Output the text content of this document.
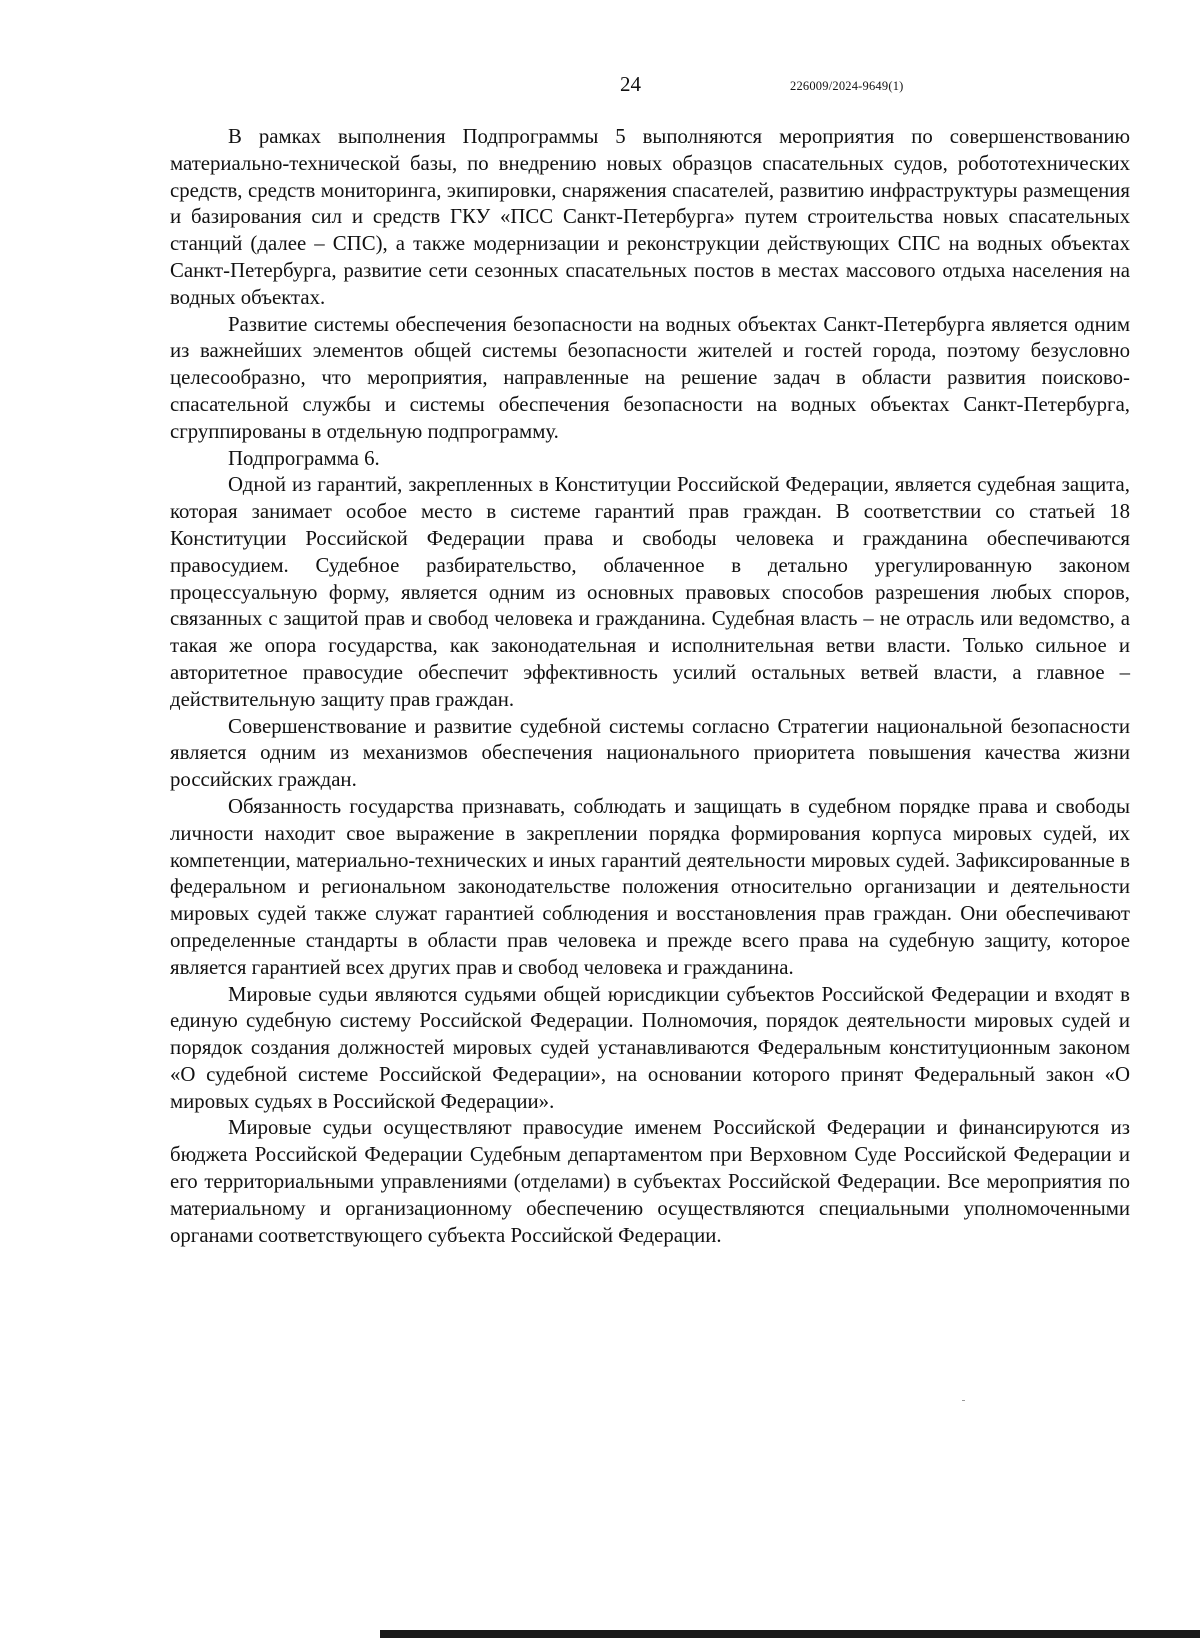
24	226009/2024-9649(1)

В рамках выполнения Подпрограммы 5 выполняются мероприятия по совершенствованию материально-технической базы, по внедрению новых образцов спасательных судов, робототехнических средств, средств мониторинга, экипировки, снаряжения спасателей, развитию инфраструктуры размещения и базирования сил и средств ГКУ «ПСС Санкт-Петербурга» путем строительства новых спасательных станций (далее – СПС), а также модернизации и реконструкции действующих СПС на водных объектах Санкт-Петербурга, развитие сети сезонных спасательных постов в местах массового отдыха населения на водных объектах.

Развитие системы обеспечения безопасности на водных объектах Санкт-Петербурга является одним из важнейших элементов общей системы безопасности жителей и гостей города, поэтому безусловно целесообразно, что мероприятия, направленные на решение задач в области развития поисково-спасательной службы и системы обеспечения безопасности на водных объектах Санкт-Петербурга, сгруппированы в отдельную подпрограмму.

Подпрограмма 6.

Одной из гарантий, закрепленных в Конституции Российской Федерации, является судебная защита, которая занимает особое место в системе гарантий прав граждан. В соответствии со статьей 18 Конституции Российской Федерации права и свободы человека и гражданина обеспечиваются правосудием. Судебное разбирательство, облаченное в детально урегулированную законом процессуальную форму, является одним из основных правовых способов разрешения любых споров, связанных с защитой прав и свобод человека и гражданина. Судебная власть – не отрасль или ведомство, а такая же опора государства, как законодательная и исполнительная ветви власти. Только сильное и авторитетное правосудие обеспечит эффективность усилий остальных ветвей власти, а главное – действительную защиту прав граждан.

Совершенствование и развитие судебной системы согласно Стратегии национальной безопасности является одним из механизмов обеспечения национального приоритета повышения качества жизни российских граждан.

Обязанность государства признавать, соблюдать и защищать в судебном порядке права и свободы личности находит свое выражение в закреплении порядка формирования корпуса мировых судей, их компетенции, материально-технических и иных гарантий деятельности мировых судей. Зафиксированные в федеральном и региональном законодательстве положения относительно организации и деятельности мировых судей также служат гарантией соблюдения и восстановления прав граждан. Они обеспечивают определенные стандарты в области прав человека и прежде всего права на судебную защиту, которое является гарантией всех других прав и свобод человека и гражданина.

Мировые судьи являются судьями общей юрисдикции субъектов Российской Федерации и входят в единую судебную систему Российской Федерации. Полномочия, порядок деятельности мировых судей и порядок создания должностей мировых судей устанавливаются Федеральным конституционным законом «О судебной системе Российской Федерации», на основании которого принят Федеральный закон «О мировых судьях в Российской Федерации».

Мировые судьи осуществляют правосудие именем Российской Федерации и финансируются из бюджета Российской Федерации Судебным департаментом при Верховном Суде Российской Федерации и его территориальными управлениями (отделами) в субъектах Российской Федерации. Все мероприятия по материальному и организационному обеспечению осуществляются специальными уполномоченными органами соответствующего субъекта Российской Федерации.
